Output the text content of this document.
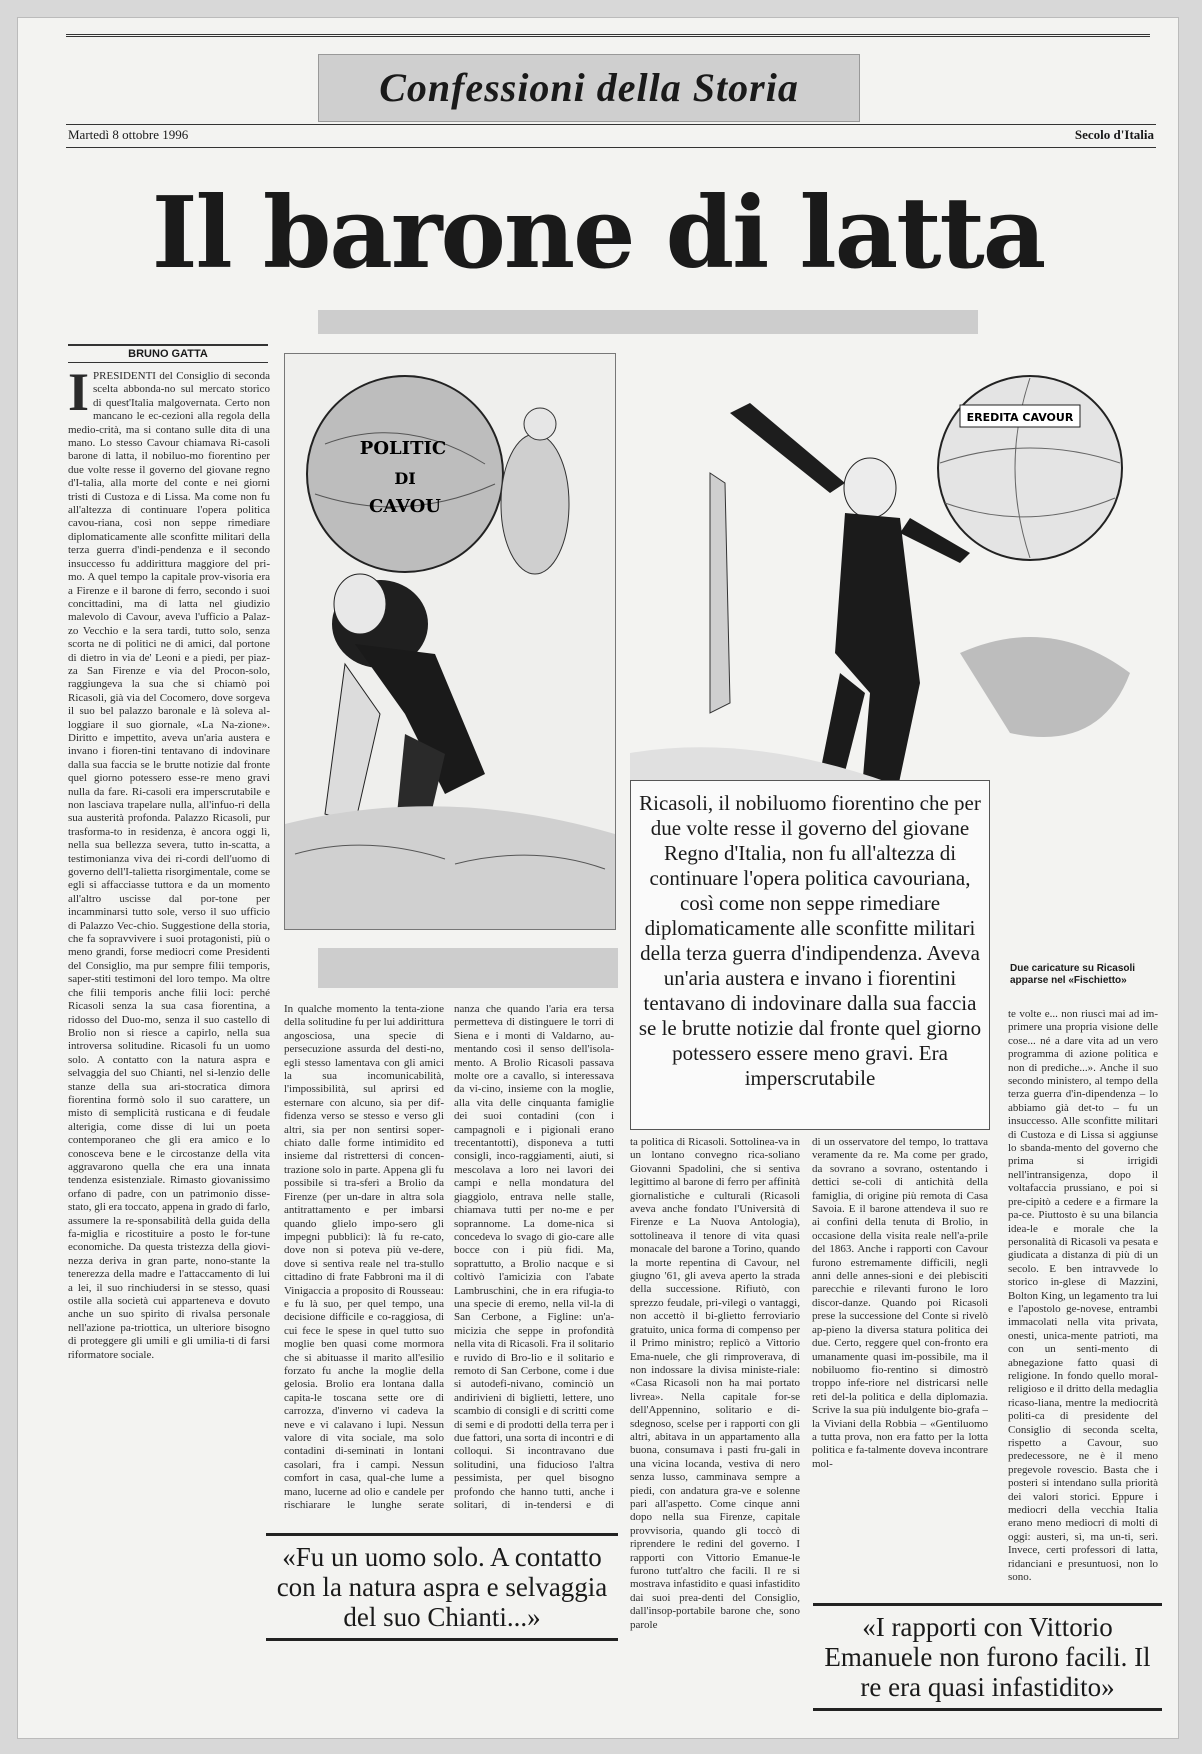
Confessioni della Storia
Martedì 8 ottobre 1996	Secolo d'Italia
Il barone di latta
BRUNO GATTA
I PRESIDENTI del Consiglio di seconda scelta abbonda-no sul mercato storico di quest'Italia malgovernata. Certo non mancano le ec-cezioni alla regola della medio-crità, ma si contano sulle dita di una mano. Lo stesso Cavour chiamava Ri-casoli barone di latta, il nobiluo-mo fiorentino per due volte resse il governo del giovane regno d'I-talia, alla morte del conte e nei giorni tristi di Custoza e di Lissa. Ma come non fu all'altezza di continuare l'opera politica cavou-riana, così non seppe rimediare diplomaticamente alle sconfitte militari della terza guerra d'indi-pendenza e il secondo insuccesso fu addirittura maggiore del pri-mo. A quel tempo la capitale prov-visoria era a Firenze e il barone di ferro, secondo i suoi concittadini, ma di latta nel giudizio malevolo di Cavour, aveva l'ufficio a Palaz-zo Vecchio e la sera tardi, tutto solo, senza scorta ne di politici ne di amici, dal portone di dietro in via de' Leoni e a piedi, per piaz-za San Firenze e via del Procon-solo, raggiungeva la sua che si chiamò poi Ricasoli, già via del Cocomero, dove sorgeva il suo bel palazzo baronale e là soleva al-loggiare il suo giornale, «La Na-zione». Diritto e impettito, aveva un'aria austera e invano i fioren-tini tentavano di indovinare dalla sua faccia se le brutte notizie dal fronte quel giorno potessero esse-re meno gravi nulla da fare. Ri-casoli era imperscrutabile e non lasciava trapelare nulla, all'infuo-ri della sua austerità profonda. Palazzo Ricasoli, pur trasforma-to in residenza, è ancora oggi lì, nella sua bellezza severa, tutto in-scatta, a testimonianza viva dei ri-cordi dell'uomo di governo dell'I-talietta risorgimentale, come se egli si affacciasse tuttora e da un momento all'altro uscisse dal por-tone per incamminarsi tutto sole, verso il suo ufficio di Palazzo Vec-chio. Suggestione della storia, che fa sopravvivere i suoi protagonisti, più o meno grandi, forse mediocri come Presidenti del Consiglio, ma pur sempre filii temporis, saper-stiti testimoni del loro tempo. Ma oltre che filii temporis anche filii loci: perché Ricasoli senza la sua casa fiorentina, a ridosso del Duo-mo, senza il suo castello di Brolio non si riesce a capirlo, nella sua introversa solitudine. Ricasoli fu un uomo solo. A contatto con la natura aspra e selvaggia del suo Chianti, nel si-lenzio delle stanze della sua ari-stocratica dimora fiorentina formò solo il suo carattere, un misto di semplicità rusticana e di feudale alterigia, come disse di lui un poeta contemporaneo che gli era amico e lo conosceva bene e le circostanze della vita aggravarono quella che era una innata tendenza esistenziale. Rimasto giovanissimo orfano di padre, con un patrimonio disse-stato, gli era toccato, appena in grado di farlo, assumere la re-sponsabilità della guida della fa-miglia e ricostituire a posto le for-tune economiche. Da questa tristezza della giovi-nezza deriva in gran parte, nono-stante la tenerezza della madre e l'attaccamento di lui a lei, il suo rinchiudersi in se stesso, quasi ostile alla società cui apparteneva e dovuto anche un suo spirito di rivalsa personale nell'azione pa-triottica, un ulteriore bisogno di proteggere gli umili e gli umilia-ti di farsi riformatore sociale.
POLITIC
DI
CAVOU
EREDITA CAVOUR
Ricasoli, il nobiluomo fiorentino che per due volte resse il governo del giovane Regno d'Italia, non fu all'altezza di continuare l'opera politica cavouriana, così come non seppe rimediare diplomaticamente alle sconfitte militari della terza guerra d'indipendenza. Aveva un'aria austera e invano i fiorentini tentavano di indovinare dalla sua faccia se le brutte notizie dal fronte quel giorno potessero essere meno gravi. Era imperscrutabile
Due caricature su Ricasoli apparse nel «Fischietto»
In qualche momento la tenta-zione della solitudine fu per lui addirittura angosciosa, una specie di persecuzione assurda del desti-no, egli stesso lamentava con gli amici la sua incomunicabilità, l'impossibilità, sul aprirsi ed esternare con alcuno, sia per dif-fidenza verso se stesso e verso gli altri, sia per non sentirsi soper-chiato dalle forme intimidito ed insieme dal ristrettersi di concen-trazione solo in parte. Appena gli fu possibile si tra-sferì a Brolio da Firenze (per un-dare in altra sola antitrattamento e per imbarsi quando glielo impo-sero gli impegni pubblici): là fu re-cato, dove non si poteva più ve-dere, dove si sentiva reale nel tra-stullo cittadino di frate Fabbroni ma il di Vinigaccia a proposito di Rousseau: e fu là suo, per quel tempo, una decisione difficile e co-raggiosa, di cui fece le spese in quel tutto suo moglie ben quasi come mormora che si abituasse il marito all'esilio forzato fu anche la moglie della gelosia. Brolio era lontana dalla capita-le toscana sette ore di carrozza, d'inverno vi cadeva la neve e vi calavano i lupi. Nessun valore di vita sociale, ma solo contadini di-seminati in lontani casolari, fra i campi. Nessun comfort in casa, qual-che lume a mano, lucerne ad olio e candele per rischiarare le lunghe serate
nanza che quando l'aria era tersa permetteva di distinguere le torri di Siena e i monti di Valdarno, au-mentando così il senso dell'isola-mento. A Brolio Ricasoli passava molte ore a cavallo, si interessava da vi-cino, insieme con la moglie, alla vita delle cinquanta famiglie dei suoi contadini (con i campagnoli e i pigionali erano trecentantotti), disponeva a tutti consigli, inco-raggiamenti, aiuti, si mescolava a loro nei lavori dei campi e nella mondatura del giaggiolo, entrava nelle stalle, chiamava tutti per no-me e per soprannome. La dome-nica si concedeva lo svago di gio-care alle bocce con i più fidi. Ma, soprattutto, a Brolio nacque e si coltivò l'amicizia con l'abate Lambruschini, che in era rifugia-to una specie di eremo, nella vil-la di San Cerbone, a Figline: un'a-micizia che seppe in profondità nella vita di Ricasoli. Fra il solitario e ruvido di Bro-lio e il solitario e remoto di San Cerbone, come i due si autodefi-nivano, cominciò un andirivieni di biglietti, lettere, uno scambio di consigli e di scritti come di semi e di prodotti della terra per i due fattori, una sorta di incontri e di colloqui. Si incontravano due solitudini, una fiducioso l'altra pessimista, per quel bisogno profondo che hanno tutti, anche i solitari, di in-tendersi e di
ta politica di Ricasoli. Sottolinea-va in un lontano convegno rica-soliano Giovanni Spadolini, che si sentiva legittimo al barone di ferro per affinità giornalistiche e culturali (Ricasoli aveva anche fondato l'Università di Firenze e La Nuova Antologia), sottolineava il tenore di vita quasi monacale del barone a Torino, quando la morte repentina di Cavour, nel giugno '61, gli aveva aperto la strada della successione. Rifiutò, con sprezzo feudale, pri-vilegi o vantaggi, non accettò il bi-glietto ferroviario gratuito, unica forma di compenso per il Primo ministro; replicò a Vittorio Ema-nuele, che gli rimproverava, di non indossare la divisa ministe-riale: «Casa Ricasoli non ha mai portato livrea». Nella capitale for-se dell'Appennino, solitario e di-sdegnoso, scelse per i rapporti con gli altri, abitava in un appartamento alla buona, consumava i pasti fru-gali in una vicina locanda, vestiva di nero senza lusso, camminava sempre a piedi, con andatura gra-ve e solenne pari all'aspetto. Come cinque anni dopo nella sua Firenze, capitale provvisoria, quando gli toccò di riprendere le redini del governo. I rapporti con Vittorio Emanue-le furono tutt'altro che facili. Il re si mostrava infastidito e quasi infastidito dai suoi prea-denti del Consiglio, dall'insop-portabile barone che, sono parole
di un osservatore del tempo, lo trattava veramente da re. Ma come per grado, da sovrano a sovrano, ostentando i dettici se-coli di antichità della famiglia, di origine più remota di Casa Savoia. E il barone attendeva il suo re ai confini della tenuta di Brolio, in occasione della visita reale nell'a-prile del 1863. Anche i rapporti con Cavour furono estremamente difficili, negli anni delle annes-sioni e dei plebisciti parecchie e rilevanti furono le loro discor-danze. Quando poi Ricasoli prese la successione del Conte si rivelò ap-pieno la diversa statura politica dei due. Certo, reggere quel con-fronto era umanamente quasi im-possibile, ma il nobiluomo fio-rentino si dimostrò troppo infe-riore nel districarsi nelle reti del-la politica e della diplomazia. Scrive la sua più indulgente bio-grafa – la Viviani della Robbia – «Gentiluomo a tutta prova, non era fatto per la lotta politica e fa-talmente doveva incontrare mol-
te volte e... non riuscì mai ad im-primere una propria visione delle cose... né a dare vita ad un vero programma di azione politica e non di prediche...». Anche il suo secondo ministero, al tempo della terza guerra d'in-dipendenza – lo abbiamo già det-to – fu un insuccesso. Alle sconfitte militari di Custoza e di Lissa si aggiunse lo sbanda-mento del governo che prima si irrigidì nell'intransigenza, dopo il voltafaccia prussiano, e poi si pre-cipitò a cedere e a firmare la pa-ce. Piuttosto è su una bilancia idea-le e morale che la personalità di Ricasoli va pesata e giudicata a distanza di più di un secolo. E ben intravvede lo storico in-glese di Mazzini, Bolton King, un legamento tra lui e l'apostolo ge-novese, entrambi immacolati nella vita privata, onesti, unica-mente patrioti, ma con un senti-mento di abnegazione fatto quasi di religione. In fondo quello moral-religioso e il dritto della medaglia ricaso-liana, mentre la mediocrità politi-ca di presidente del Consiglio di seconda scelta, rispetto a Cavour, suo predecessore, ne è il meno pregevole rovescio. Basta che i posteri si intendano sulla priorità dei valori storici. Eppure i mediocri della vecchia Italia erano meno mediocri di molti di oggi: austeri, sì, ma un-ti, seri. Invece, certi professori di latta, ridanciani e presuntuosi, non lo sono.
«Fu un uomo solo. A contatto con la natura aspra e selvaggia del suo Chianti...»	«I rapporti con Vittorio Emanuele non furono facili. Il re era quasi infastidito»
